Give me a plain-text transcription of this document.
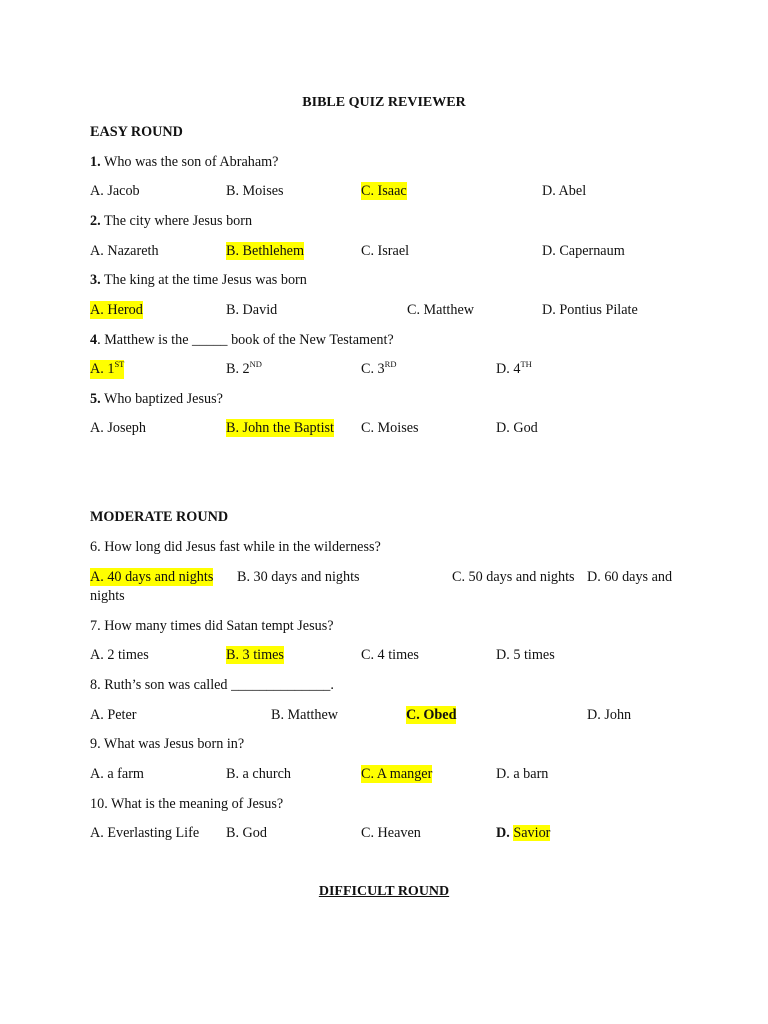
BIBLE QUIZ REVIEWER
EASY ROUND
1. Who was the son of Abraham?
A. Jacob	B. Moises	C. Isaac	D. Abel
2. The city where Jesus born
A. Nazareth	B. Bethlehem	C. Israel	D. Capernaum
3. The king at the time Jesus was born
A. Herod	B. David	C. Matthew	D. Pontius Pilate
4. Matthew is the _____ book of the New Testament?
A. 1ST	B. 2ND	C. 3RD	D. 4TH
5. Who baptized Jesus?
A. Joseph	B. John the Baptist C. Moises	D. God
MODERATE ROUND
6. How long did Jesus fast while in the wilderness?
A. 40 days and nights B. 30 days and nights	C. 50 days and nights D. 60 days and
nights
7. How many times did Satan tempt Jesus?
A. 2 times	B. 3 times	C. 4 times	D. 5 times
8. Ruth’s son was called ______________.
A. Peter	B. Matthew	C. Obed	D. John
9. What was Jesus born in?
A. a farm	B. a church	C. A manger	D. a barn
10. What is the meaning of Jesus?
A. Everlasting Life B. God	C. Heaven	D. Savior
DIFFICULT ROUND
